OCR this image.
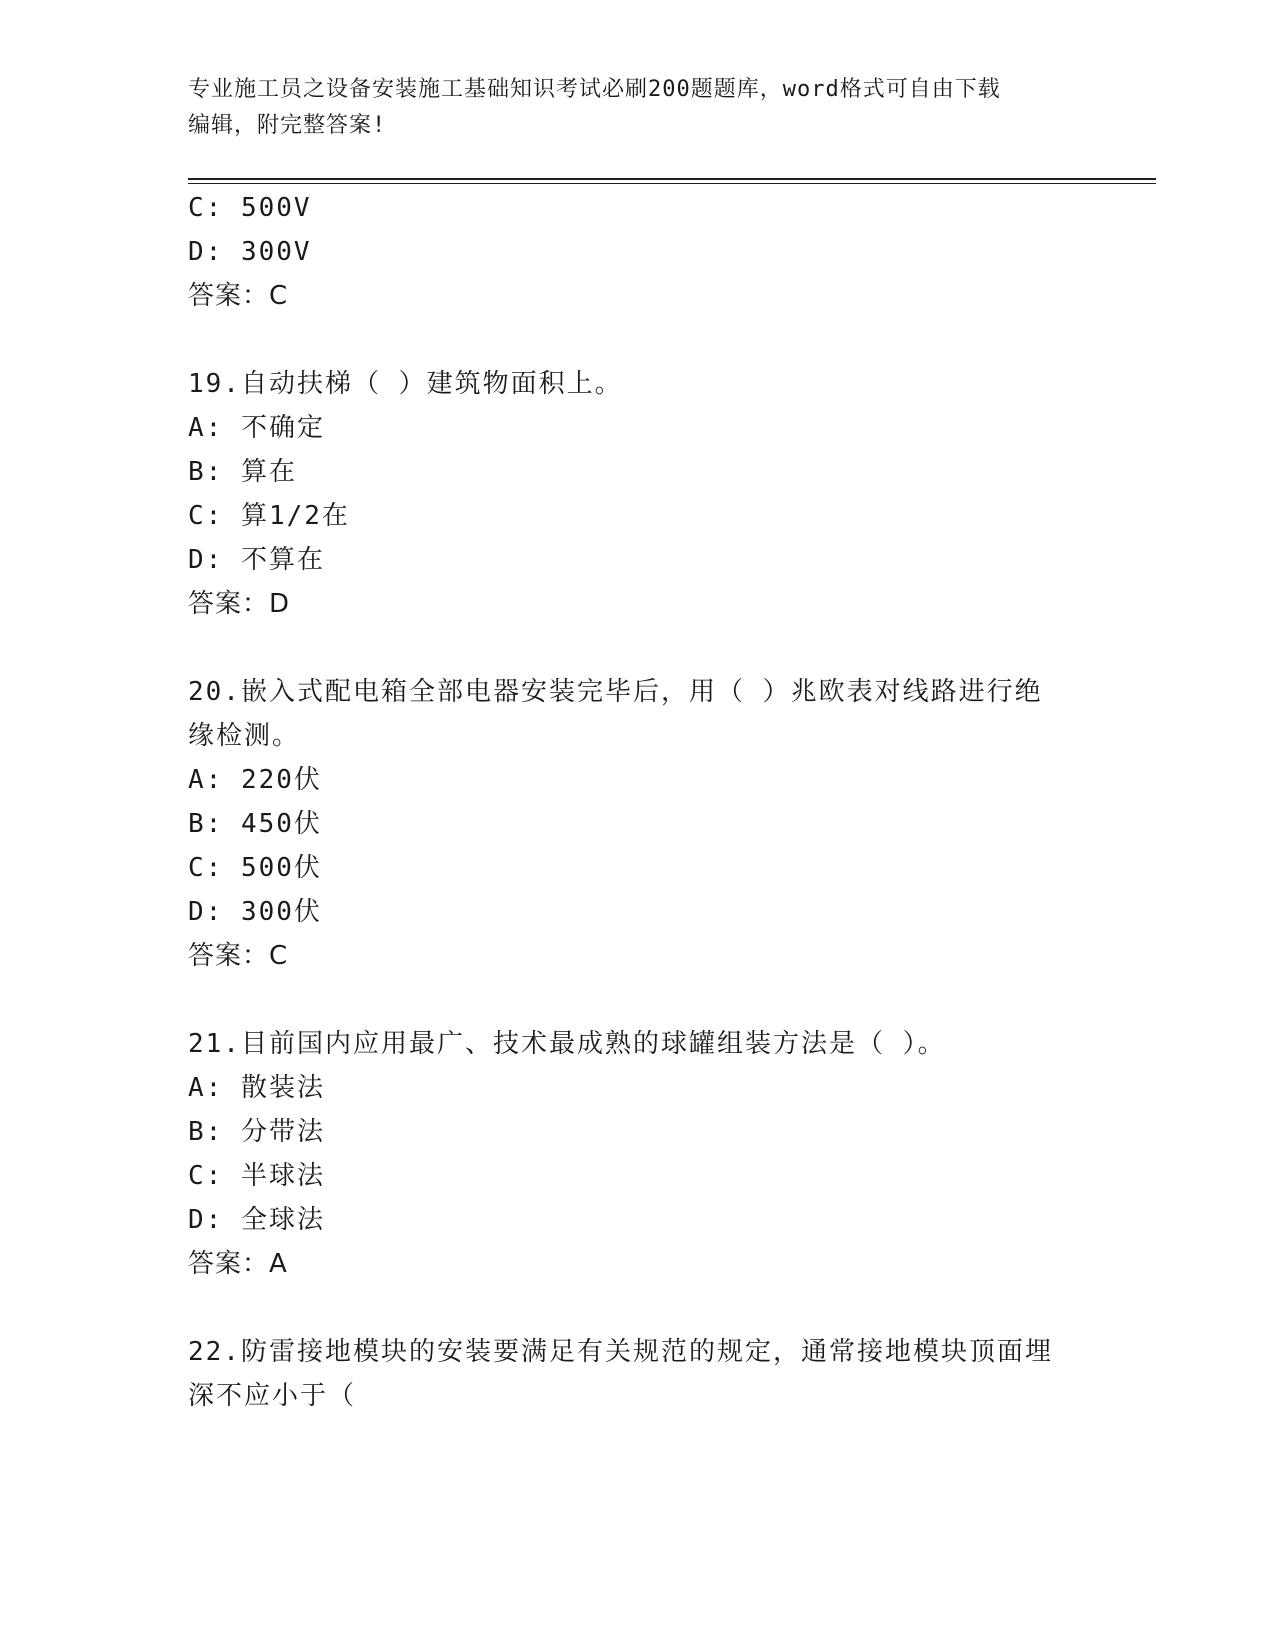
专业施工员之设备安装施工基础知识考试必刷200题题库，word格式可自由下载
编辑，附完整答案!
C: 500V
D: 300V
答案：C
19.自动扶梯（ ）建筑物面积上。
A: 不确定
B: 算在
C: 算1/2在
D: 不算在
答案：D
20.嵌入式配电箱全部电器安装完毕后，用（ ）兆欧表对线路进行绝
缘检测。
A: 220伏
B: 450伏
C: 500伏
D: 300伏
答案：C
21.目前国内应用最广、技术最成熟的球罐组装方法是（ ）。
A: 散装法
B: 分带法
C: 半球法
D: 全球法
答案：A
22.防雷接地模块的安装要满足有关规范的规定，通常接地模块顶面埋
深不应小于（
